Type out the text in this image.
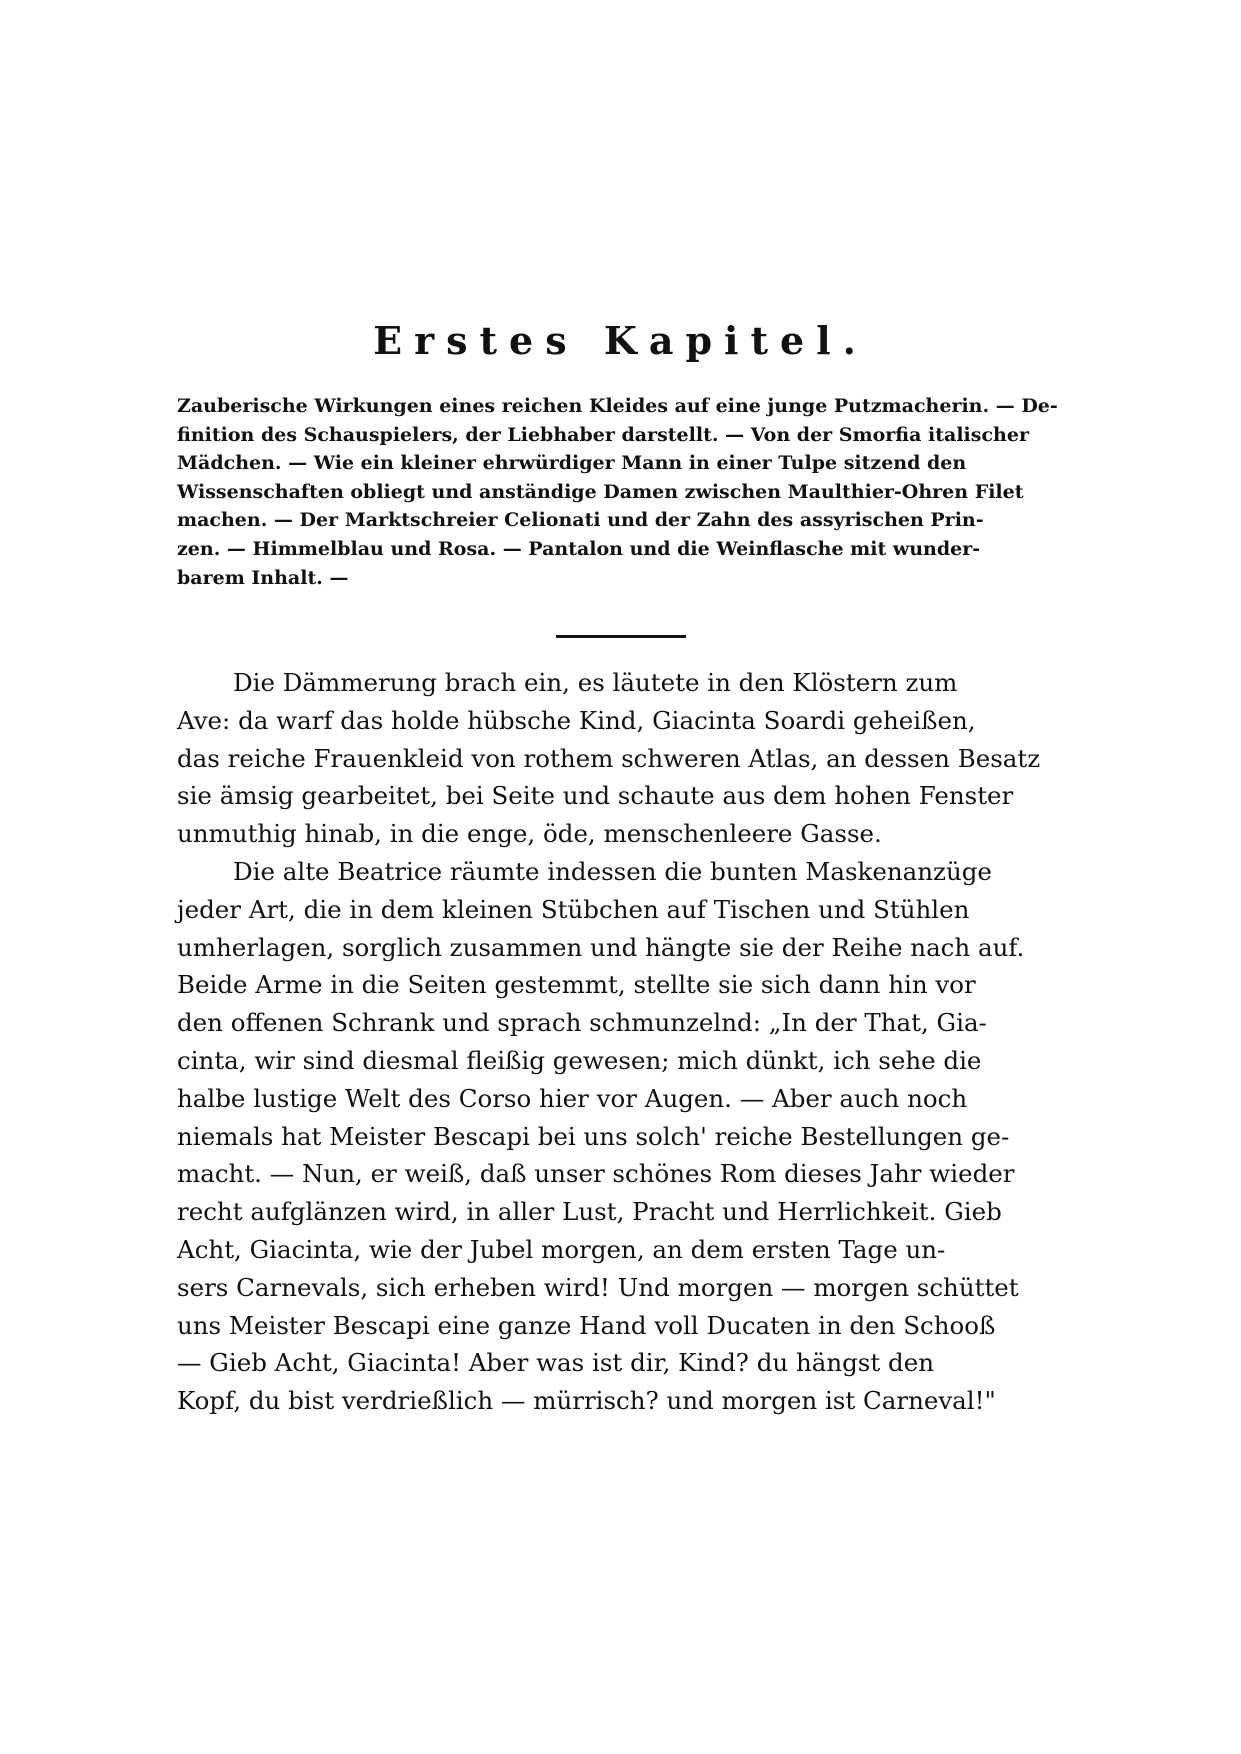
Erstes Kapitel.
Zauberische Wirkungen eines reichen Kleides auf eine junge Putzmacherin. — De-
finition des Schauspielers, der Liebhaber darstellt. — Von der Smorfia italischer
Mädchen. — Wie ein kleiner ehrwürdiger Mann in einer Tulpe sitzend den
Wissenschaften obliegt und anständige Damen zwischen Maulthier-Ohren Filet
machen. — Der Marktschreier Celionati und der Zahn des assyrischen Prin-
zen. — Himmelblau und Rosa. — Pantalon und die Weinflasche mit wunder-
barem Inhalt. —
Die Dämmerung brach ein, es läutete in den Klöstern zum
Ave: da warf das holde hübsche Kind, Giacinta Soardi geheißen,
das reiche Frauenkleid von rothem schweren Atlas, an dessen Besatz
sie ämsig gearbeitet, bei Seite und schaute aus dem hohen Fenster
unmuthig hinab, in die enge, öde, menschenleere Gasse.
Die alte Beatrice räumte indessen die bunten Maskenanzüge
jeder Art, die in dem kleinen Stübchen auf Tischen und Stühlen
umherlagen, sorglich zusammen und hängte sie der Reihe nach auf.
Beide Arme in die Seiten gestemmt, stellte sie sich dann hin vor
den offenen Schrank und sprach schmunzelnd: „In der That, Gia-
cinta, wir sind diesmal fleißig gewesen; mich dünkt, ich sehe die
halbe lustige Welt des Corso hier vor Augen. — Aber auch noch
niemals hat Meister Bescapi bei uns solch' reiche Bestellungen ge-
macht. — Nun, er weiß, daß unser schönes Rom dieses Jahr wieder
recht aufglänzen wird, in aller Lust, Pracht und Herrlichkeit. Gieb
Acht, Giacinta, wie der Jubel morgen, an dem ersten Tage un-
sers Carnevals, sich erheben wird! Und morgen — morgen schüttet
uns Meister Bescapi eine ganze Hand voll Ducaten in den Schooß
— Gieb Acht, Giacinta! Aber was ist dir, Kind? du hängst den
Kopf, du bist verdrießlich — mürrisch? und morgen ist Carneval!"
